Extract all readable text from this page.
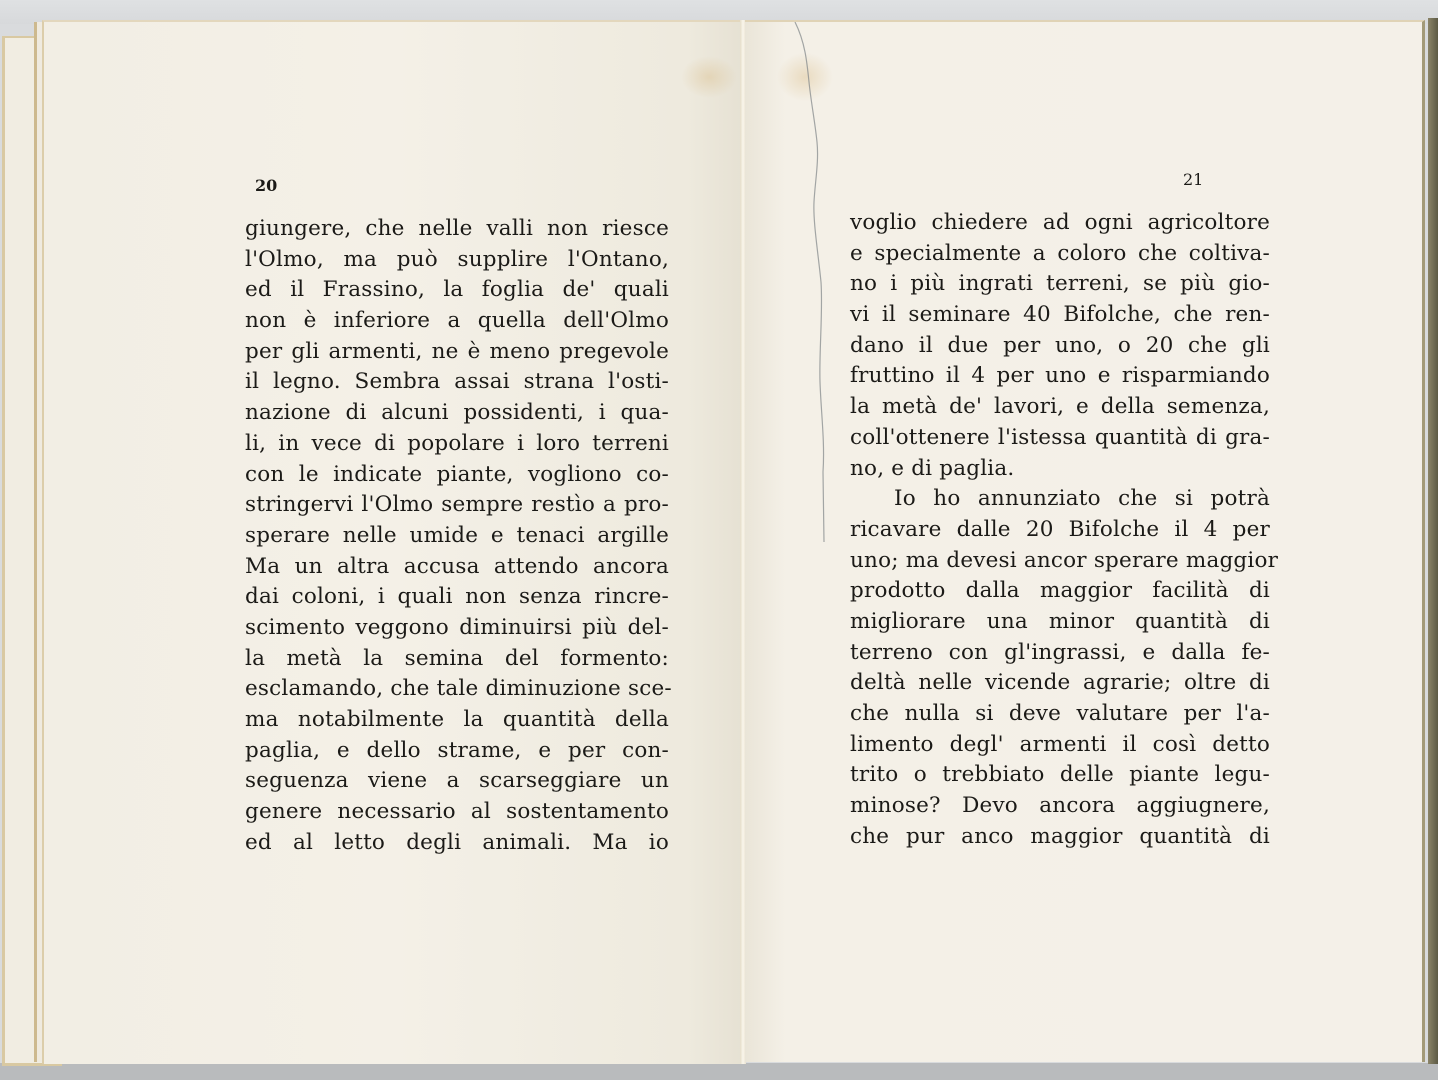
20
giungere, che nelle valli non riesce
l'Olmo, ma può supplire l'Ontano,
ed il Frassino, la foglia de' quali
non è inferiore a quella dell'Olmo
per gli armenti, ne è meno pregevole
il legno. Sembra assai strana l'osti-
nazione di alcuni possidenti, i qua-
li, in vece di popolare i loro terreni
con le indicate piante, vogliono co-
stringervi l'Olmo sempre restìo a pro-
sperare nelle umide e tenaci argille
Ma un altra accusa attendo ancora
dai coloni, i quali non senza rincre-
scimento veggono diminuirsi più del-
la metà la semina del formento:
esclamando, che tale diminuzione sce-
ma notabilmente la quantità della
paglia, e dello strame, e per con-
seguenza viene a scarseggiare un
genere necessario al sostentamento
ed al letto degli animali. Ma io
21
voglio chiedere ad ogni agricoltore
e specialmente a coloro che coltiva-
no i più ingrati terreni, se più gio-
vi il seminare 40 Bifolche, che ren-
dano il due per uno, o 20 che gli
fruttino il 4 per uno e risparmiando
la metà de' lavori, e della semenza,
coll'ottenere l'istessa quantità di gra-
no, e di paglia.
Io ho annunziato che si potrà
ricavare dalle 20 Bifolche il 4 per
uno; ma devesi ancor sperare maggior
prodotto dalla maggior facilità di
migliorare una minor quantità di
terreno con gl'ingrassi, e dalla fe-
deltà nelle vicende agrarie; oltre di
che nulla si deve valutare per l'a-
limento degl' armenti il così detto
trito o trebbiato delle piante legu-
minose? Devo ancora aggiugnere,
che pur anco maggior quantità di
